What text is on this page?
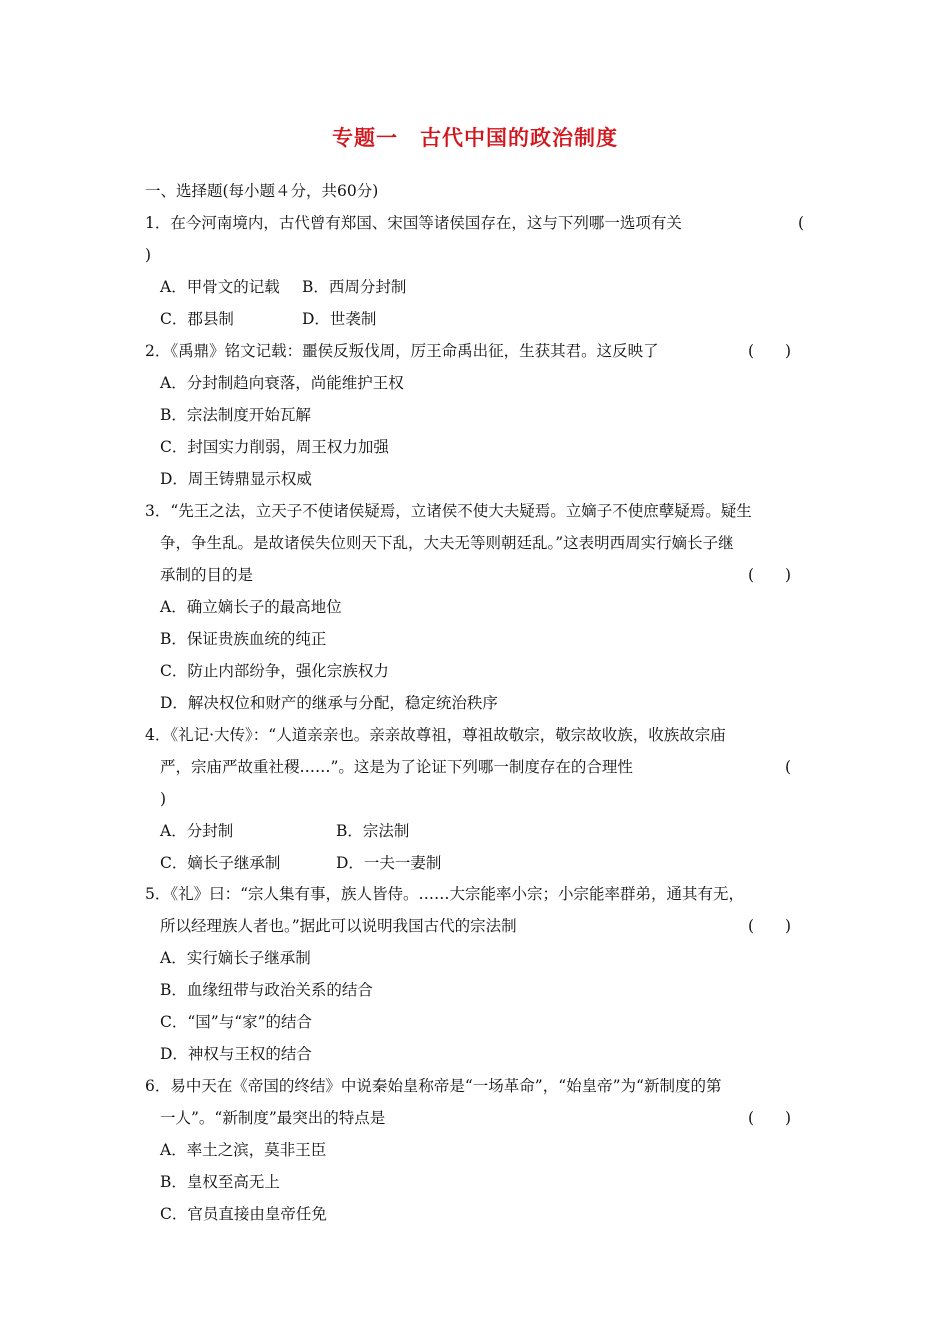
专题一　古代中国的政治制度
一、选择题(每小题４分，共60分)
1．在今河南境内，古代曾有郑国、宋国等诸侯国存在，这与下列哪一选项有关	(
)
A．甲骨文的记载 B．西周分封制
C．郡县制	D．世袭制
2．《禹鼎》铭文记载：噩侯反叛伐周，厉王命禹出征，生获其君。这反映了	(　　)
A．分封制趋向衰落，尚能维护王权
B．宗法制度开始瓦解
C．封国实力削弱，周王权力加强
D．周王铸鼎显示权威
3．“先王之法，立天子不使诸侯疑焉，立诸侯不使大夫疑焉。立嫡子不使庶孽疑焉。疑生
争，争生乱。是故诸侯失位则天下乱，大夫无等则朝廷乱。”这表明西周实行嫡长子继
承制的目的是	(　　)
A．确立嫡长子的最高地位
B．保证贵族血统的纯正
C．防止内部纷争，强化宗族权力
D．解决权位和财产的继承与分配，稳定统治秩序
4．《礼记·大传》：“人道亲亲也。亲亲故尊祖，尊祖故敬宗，敬宗故收族，收族故宗庙
严，宗庙严故重社稷……”。这是为了论证下列哪一制度存在的合理性	(
)
A．分封制	B．宗法制
C．嫡长子继承制	D．一夫一妻制
5．《礼》曰：“宗人集有事，族人皆侍。……大宗能率小宗；小宗能率群弟，通其有无，
所以经理族人者也。”据此可以说明我国古代的宗法制	(　　)
A．实行嫡长子继承制
B．血缘纽带与政治关系的结合
C．“国”与“家”的结合
D．神权与王权的结合
6．易中天在《帝国的终结》中说秦始皇称帝是“一场革命”，“始皇帝”为“新制度的第
一人”。“新制度”最突出的特点是	(　　)
A．率土之滨，莫非王臣
B．皇权至高无上
C．官员直接由皇帝任免
